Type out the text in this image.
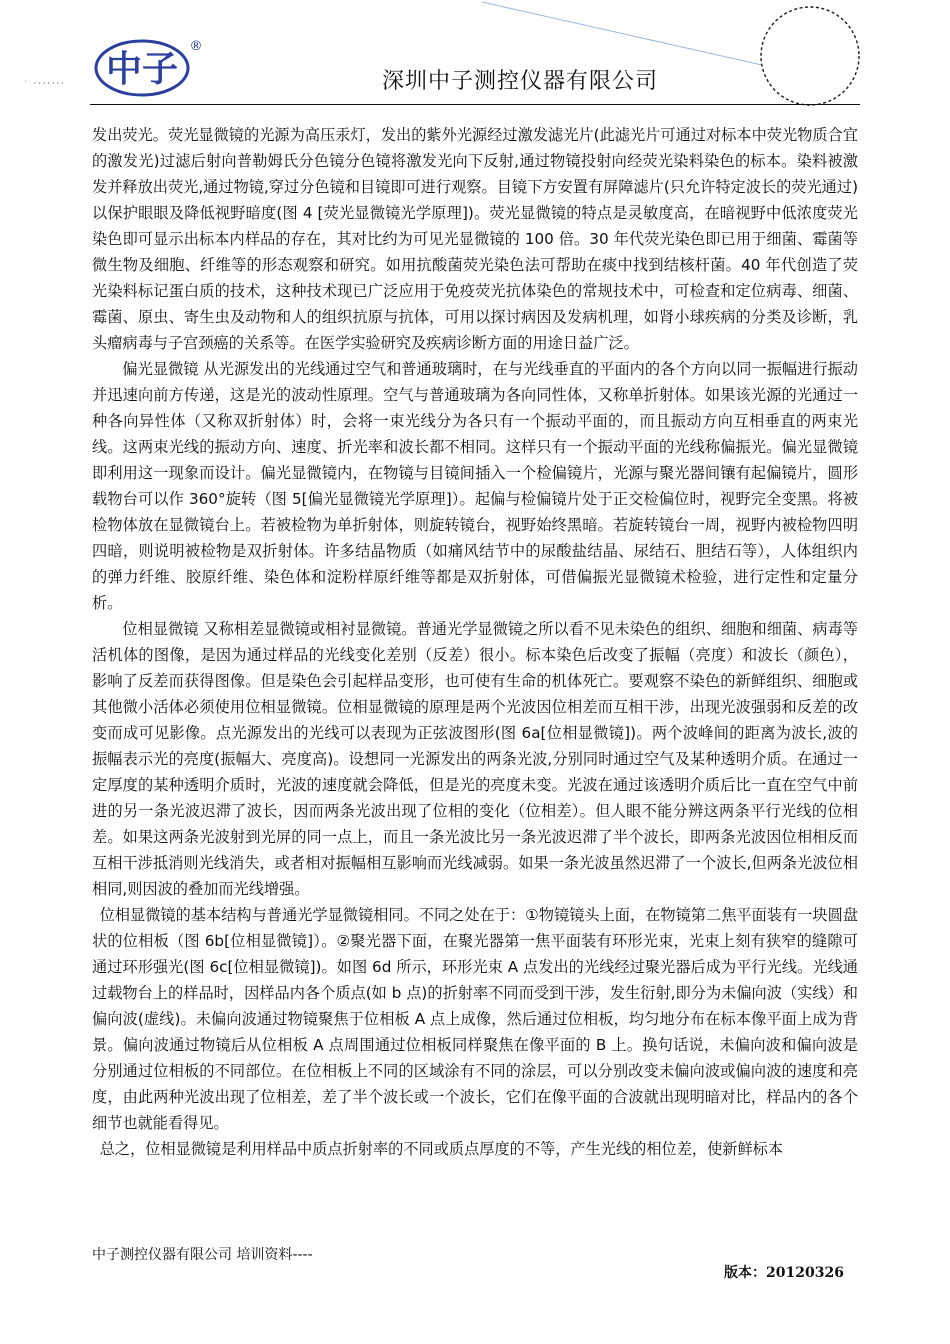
· ,,,,,,, 中子
®
深圳中子测控仪器有限公司

发出荧光。荧光显微镜的光源为高压汞灯，发出的紫外光源经过激发滤光片(此滤光片可通过对标本中荧光物质合宜的激发光)过滤后射向普勒姆氏分色镜分色镜将激发光向下反射,通过物镜投射向经荧光染料染色的标本。染料被激发并释放出荧光,通过物镜,穿过分色镜和目镜即可进行观察。目镜下方安置有屏障滤片(只允许特定波长的荧光通过)以保护眼眼及降低视野暗度(图 4 [荧光显微镜光学原理])。荧光显微镜的特点是灵敏度高，在暗视野中低浓度荧光染色即可显示出标本内样品的存在，其对比约为可见光显微镜的 100 倍。30 年代荧光染色即已用于细菌、霉菌等微生物及细胞、纤维等的形态观察和研究。如用抗酸菌荧光染色法可帮助在痰中找到结核杆菌。40 年代创造了荧光染料标记蛋白质的技术，这种技术现已广泛应用于免疫荧光抗体染色的常规技术中，可检查和定位病毒、细菌、霉菌、原虫、寄生虫及动物和人的组织抗原与抗体，可用以探讨病因及发病机理，如肾小球疾病的分类及诊断，乳头瘤病毒与子宫颈癌的关系等。在医学实验研究及疾病诊断方面的用途日益广泛。

偏光显微镜 从光源发出的光线通过空气和普通玻璃时，在与光线垂直的平面内的各个方向以同一振幅进行振动并迅速向前方传递，这是光的波动性原理。空气与普通玻璃为各向同性体，又称单折射体。如果该光源的光通过一种各向异性体（又称双折射体）时，会将一束光线分为各只有一个振动平面的，而且振动方向互相垂直的两束光线。这两束光线的振动方向、速度、折光率和波长都不相同。这样只有一个振动平面的光线称偏振光。偏光显微镜即利用这一现象而设计。偏光显微镜内，在物镜与目镜间插入一个检偏镜片，光源与聚光器间镶有起偏镜片，圆形载物台可以作 360°旋转（图 5[偏光显微镜光学原理]）。起偏与检偏镜片处于正交检偏位时，视野完全变黑。将被检物体放在显微镜台上。若被检物为单折射体，则旋转镜台，视野始终黑暗。若旋转镜台一周，视野内被检物四明四暗，则说明被检物是双折射体。许多结晶物质（如痛风结节中的尿酸盐结晶、尿结石、胆结石等），人体组织内的弹力纤维、胶原纤维、染色体和淀粉样原纤维等都是双折射体，可借偏振光显微镜术检验，进行定性和定量分析。

位相显微镜 又称相差显微镜或相衬显微镜。普通光学显微镜之所以看不见未染色的组织、细胞和细菌、病毒等活机体的图像，是因为通过样品的光线变化差别（反差）很小。标本染色后改变了振幅（亮度）和波长（颜色），影响了反差而获得图像。但是染色会引起样品变形，也可使有生命的机体死亡。要观察不染色的新鲜组织、细胞或其他微小活体必须使用位相显微镜。位相显微镜的原理是两个光波因位相差而互相干涉，出现光波强弱和反差的改变而成可见影像。点光源发出的光线可以表现为正弦波图形(图 6a[位相显微镜])。两个波峰间的距离为波长,波的振幅表示光的亮度(振幅大、亮度高)。设想同一光源发出的两条光波,分别同时通过空气及某种透明介质。在通过一定厚度的某种透明介质时，光波的速度就会降低，但是光的亮度未变。光波在通过该透明介质后比一直在空气中前进的另一条光波迟滞了波长，因而两条光波出现了位相的变化（位相差）。但人眼不能分辨这两条平行光线的位相差。如果这两条光波射到光屏的同一点上，而且一条光波比另一条光波迟滞了半个波长，即两条光波因位相相反而互相干涉抵消则光线消失，或者相对振幅相互影响而光线减弱。如果一条光波虽然迟滞了一个波长,但两条光波位相相同,则因波的叠加而光线增强。

位相显微镜的基本结构与普通光学显微镜相同。不同之处在于：①物镜镜头上面，在物镜第二焦平面装有一块圆盘状的位相板（图 6b[位相显微镜]）。②聚光器下面，在聚光器第一焦平面装有环形光束，光束上刻有狭窄的缝隙可通过环形强光(图 6c[位相显微镜])。如图 6d 所示，环形光束 A 点发出的光线经过聚光器后成为平行光线。光线通过载物台上的样品时，因样品内各个质点(如 b 点)的折射率不同而受到干涉，发生衍射,即分为未偏向波（实线）和偏向波(虚线)。未偏向波通过物镜聚焦于位相板 A 点上成像，然后通过位相板，均匀地分布在标本像平面上成为背景。偏向波通过物镜后从位相板 A 点周围通过位相板同样聚焦在像平面的 B 上。换句话说，未偏向波和偏向波是分别通过位相板的不同部位。在位相板上不同的区域涂有不同的涂层，可以分别改变未偏向波或偏向波的速度和亮度，由此两种光波出现了位相差，差了半个波长或一个波长，它们在像平面的合波就出现明暗对比，样品内的各个细节也就能看得见。

总之，位相显微镜是利用样品中质点折射率的不同或质点厚度的不等，产生光线的相位差，使新鲜标本

中子测控仪器有限公司 培训资料----
版本：20120326
